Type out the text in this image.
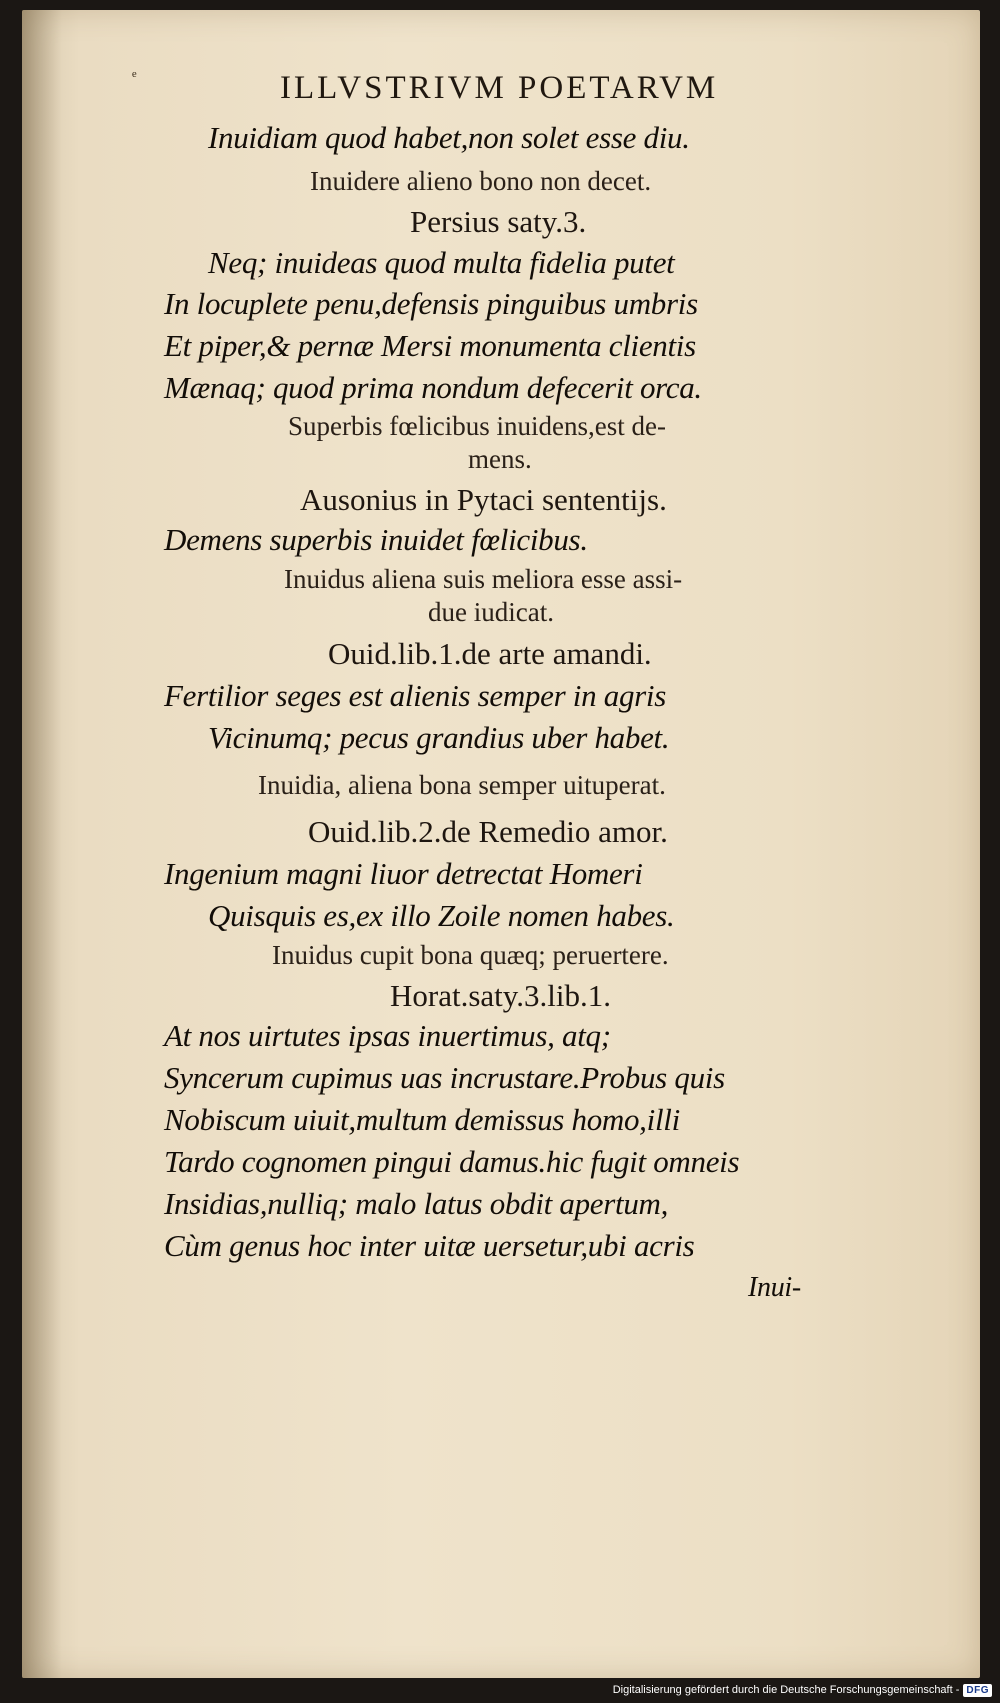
ᵉ	ILLVSTRIVM POETARVM
Inuidiam quod habet,non solet esse diu.
Inuidere alieno bono non decet.
Persius saty.3.
Neq; inuideas quod multa fidelia putet
In locuplete penu,defensis pinguibus umbris
Et piper,& pernæ Mersi monumenta clientis
Mænaq; quod prima nondum defecerit orca.
Superbis fœlicibus inuidens,est de-
mens.
Ausonius in Pytaci sententijs.
Demens superbis inuidet fœlicibus.
Inuidus aliena suis meliora esse assi-
due iudicat.
Ouid.lib.1.de arte amandi.
Fertilior seges est alienis semper in agris
Vicinumq; pecus grandius uber habet.
Inuidia, aliena bona semper uituperat.
Ouid.lib.2.de Remedio amor.
Ingenium magni liuor detrectat Homeri
Quisquis es,ex illo Zoile nomen habes.
Inuidus cupit bona quæq; peruertere.
Horat.saty.3.lib.1.
At nos uirtutes ipsas inuertimus, atq;
Syncerum cupimus uas incrustare.Probus quis
Nobiscum uiuit,multum demissus homo,illi
Tardo cognomen pingui damus.hic fugit omneis
Insidias,nulliq; malo latus obdit apertum,
Cùm genus hoc inter uitæ uersetur,ubi acris
Inui-
Digitalisierung gefördert durch die Deutsche Forschungsgemeinschaft - DFG
